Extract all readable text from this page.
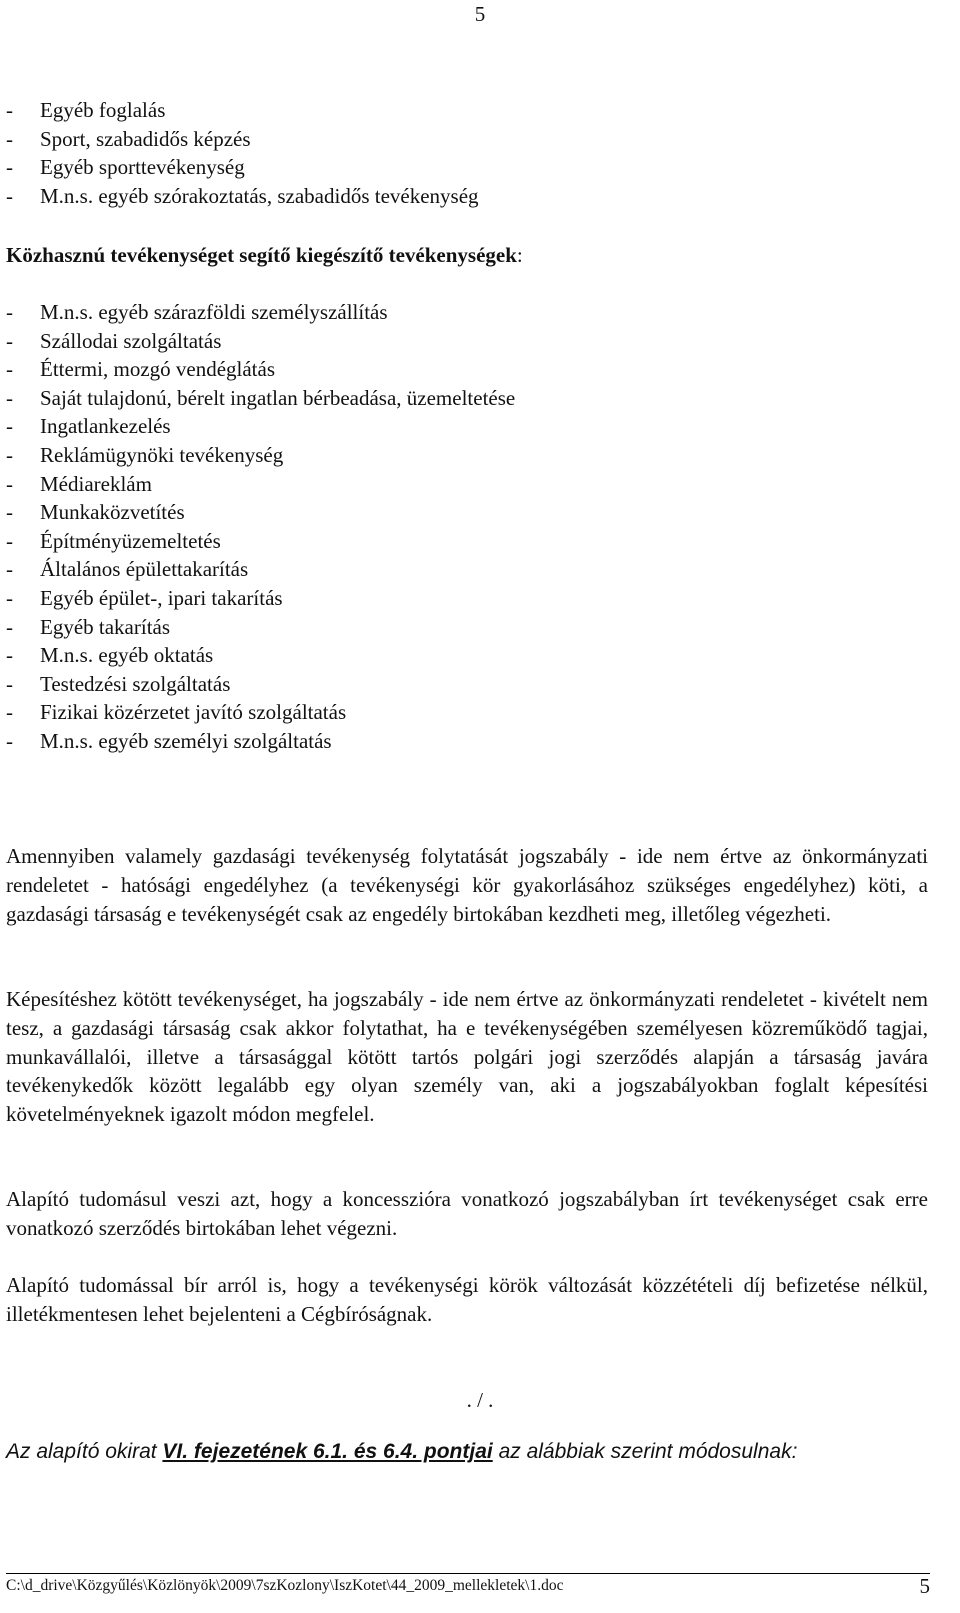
5
- Egyéb foglalás
- Sport, szabadidős képzés
- Egyéb sporttevékenység
- M.n.s. egyéb szórakoztatás, szabadidős tevékenység
Közhasznú tevékenységet segítő kiegészítő tevékenységek:
- M.n.s. egyéb szárazföldi személyszállítás
- Szállodai szolgáltatás
- Éttermi, mozgó vendéglátás
- Saját tulajdonú, bérelt ingatlan bérbeadása, üzemeltetése
- Ingatlankezelés
- Reklámügynöki tevékenység
- Médiareklám
- Munkaközvetítés
- Építményüzemeltetés
- Általános épülettakarítás
- Egyéb épület-, ipari takarítás
- Egyéb takarítás
- M.n.s. egyéb oktatás
- Testedzési szolgáltatás
- Fizikai közérzetet javító szolgáltatás
- M.n.s. egyéb személyi szolgáltatás

Amennyiben valamely gazdasági tevékenység folytatását jogszabály - ide nem értve az önkormányzati rendeletet - hatósági engedélyhez (a tevékenységi kör gyakorlásához szükséges engedélyhez) köti, a gazdasági társaság e tevékenységét csak az engedély birtokában kezdheti meg, illetőleg végezheti.

Képesítéshez kötött tevékenységet, ha jogszabály - ide nem értve az önkormányzati rendeletet - kivételt nem tesz, a gazdasági társaság csak akkor folytathat, ha e tevékenységében személyesen közreműködő tagjai, munkavállalói, illetve a társasággal kötött tartós polgári jogi szerződés alapján a társaság javára tevékenykedők között legalább egy olyan személy van, aki a jogszabályokban foglalt képesítési követelményeknek igazolt módon megfelel.

Alapító tudomásul veszi azt, hogy a koncesszióra vonatkozó jogszabályban írt tevékenységet csak erre vonatkozó szerződés birtokában lehet végezni.

Alapító tudomással bír arról is, hogy a tevékenységi körök változását közzétételi díj befizetése nélkül, illetékmentesen lehet bejelenteni a Cégbíróságnak.

. / .
Az alapító okirat VI. fejezetének 6.1. és 6.4. pontjai az alábbiak szerint módosulnak:
C:\d_drive\Közgyűlés\Közlönyök\2009\7szKozlony\IszKotet\44_2009_mellekletek\1.doc	5
